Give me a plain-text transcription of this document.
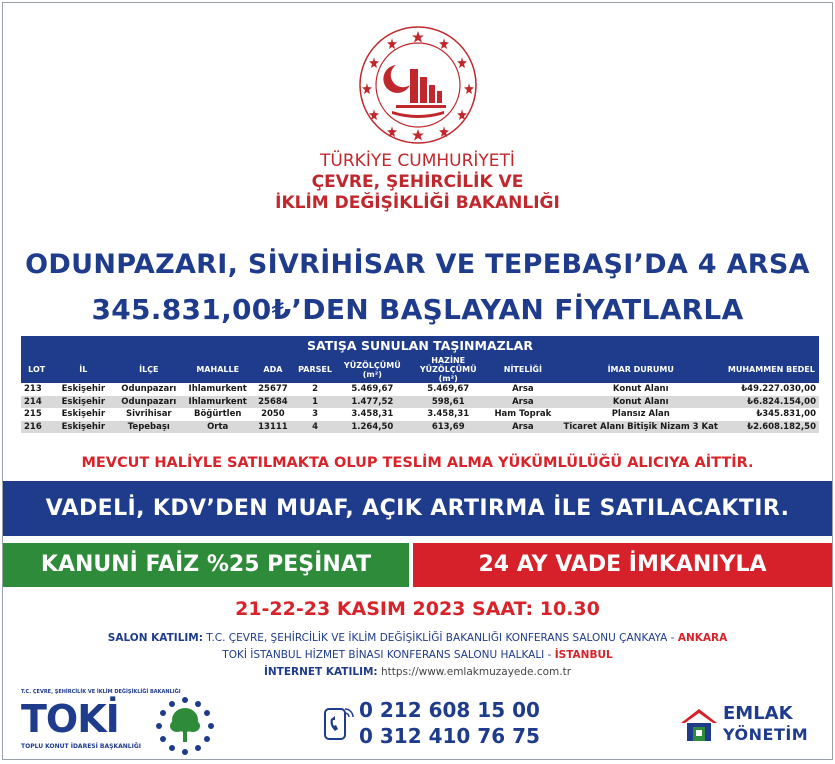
TÜRKİYE CUMHURİYETİ
ÇEVRE, ŞEHİRCİLİK VE
İKLİM DEĞİŞİKLİĞİ BAKANLIĞI
ODUNPAZARI, SİVRİHİSAR VE TEPEBAŞI’DA 4 ARSA
345.831,00₺’DEN BAŞLAYAN FİYATLARLA
SATIŞA SUNULAN TAŞINMAZLAR
LOT	İL	İLÇE	MAHALLE	ADA	PARSEL	YÜZÖLÇÜMÜ (m²)	HAZİNE YÜZÖLÇÜMÜ (m²)	NİTELİĞİ	İMAR DURUMU	MUHAMMEN BEDEL
213	Eskişehir	Odunpazarı	Ihlamurkent	25677	2	5.469,67	5.469,67	Arsa	Konut Alanı	₺49.227.030,00
214	Eskişehir	Odunpazarı	Ihlamurkent	25684	1	1.477,52	598,61	Arsa	Konut Alanı	₺6.824.154,00
215	Eskişehir	Sivrihisar	Böğürtlen	2050	3	3.458,31	3.458,31	Ham Toprak	Plansız Alan	₺345.831,00
216	Eskişehir	Tepebaşı	Orta	13111	4	1.264,50	613,69	Arsa	Ticaret Alanı Bitişik Nizam 3 Kat	₺2.608.182,50
MEVCUT HALİYLE SATILMAKTA OLUP TESLİM ALMA YÜKÜMLÜLÜĞÜ ALICIYA AİTTİR.
VADELİ, KDV’DEN MUAF, AÇIK ARTIRMA İLE SATILACAKTIR.
KANUNİ FAİZ %25 PEŞİNAT	24 AY VADE İMKANIYLA
21-22-23 KASIM 2023 SAAT: 10.30
SALON KATILIM: T.C. ÇEVRE, ŞEHİRCİLİK VE İKLİM DEĞİŞİKLİĞİ BAKANLIĞI KONFERANS SALONU ÇANKAYA - ANKARA
TOKİ İSTANBUL HİZMET BİNASI KONFERANS SALONU HALKALI - İSTANBUL
İNTERNET KATILIM: https://www.emlakmuzayede.com.tr
T.C. ÇEVRE, ŞEHİRCİLİK VE İKLİM DEĞİŞİKLİĞİ BAKANLIĞI
TOKİ
TOPLU KONUT İDARESİ BAŞKANLIĞI
0 212 608 15 00
0 312 410 76 75
EMLAK
YÖNETİM
